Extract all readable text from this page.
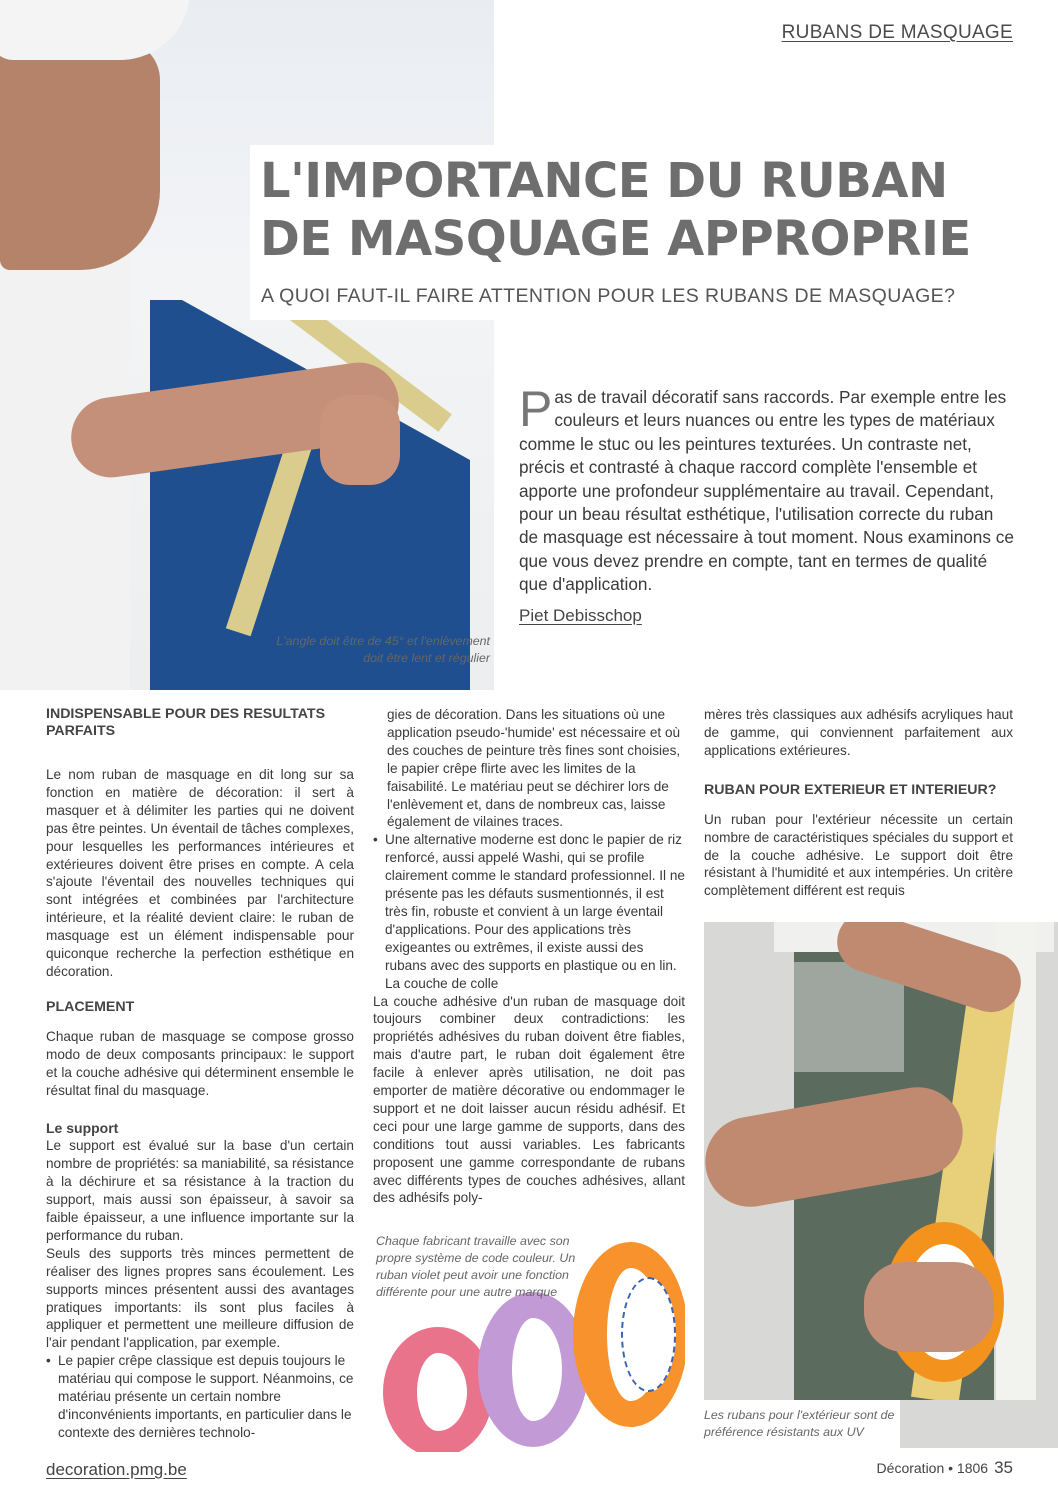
RUBANS DE MASQUAGE
L'IMPORTANCE DU RUBAN
DE MASQUAGE APPROPRIE
A QUOI FAUT-IL FAIRE ATTENTION POUR LES RUBANS DE MASQUAGE?
Pas de travail décoratif sans raccords. Par exemple entre les couleurs et leurs nuances ou entre les types de matériaux comme le stuc ou les peintures texturées. Un contraste net, précis et contrasté à chaque raccord complète l'ensemble et apporte une profondeur supplémentaire au travail. Cependant, pour un beau résultat esthétique, l'utilisation correcte du ruban de masquage est nécessaire à tout moment. Nous examinons ce que vous devez prendre en compte, tant en termes de qualité que d'application.
Piet Debisschop
L'angle doit être de 45° et l'enlèvement doit être lent et régulier
INDISPENSABLE POUR DES RESULTATS PARFAITS

Le nom ruban de masquage en dit long sur sa fonction en matière de décoration: il sert à masquer et à délimiter les parties qui ne doivent pas être peintes. Un éventail de tâches complexes, pour lesquelles les performances intérieures et extérieures doivent être prises en compte. A cela s'ajoute l'éventail des nouvelles techniques qui sont intégrées et combinées par l'architecture intérieure, et la réalité devient claire: le ruban de masquage est un élément indispensable pour quiconque recherche la perfection esthétique en décoration.

PLACEMENT

Chaque ruban de masquage se compose grosso modo de deux composants principaux: le support et la couche adhésive qui déterminent ensemble le résultat final du masquage.

Le support

Le support est évalué sur la base d'un certain nombre de propriétés: sa maniabilité, sa résistance à la déchirure et sa résistance à la traction du support, mais aussi son épaisseur, à savoir sa faible épaisseur, a une influence importante sur la performance du ruban.

Seuls des supports très minces permettent de réaliser des lignes propres sans écoulement. Les supports minces présentent aussi des avantages pratiques importants: ils sont plus faciles à appliquer et permettent une meilleure diffusion de l'air pendant l'application, par exemple.

• Le papier crêpe classique est depuis toujours le matériau qui compose le support. Néanmoins, ce matériau présente un certain nombre d'inconvénients importants, en particulier dans le contexte des dernières technolo-

gies de décoration. Dans les situations où une application pseudo-'humide' est nécessaire et où des couches de peinture très fines sont choisies, le papier crêpe flirte avec les limites de la faisabilité. Le matériau peut se déchirer lors de l'enlèvement et, dans de nombreux cas, laisse également de vilaines traces.

• Une alternative moderne est donc le papier de riz renforcé, aussi appelé Washi, qui se profile clairement comme le standard professionnel. Il ne présente pas les défauts susmentionnés, il est très fin, robuste et convient à un large éventail d'applications. Pour des applications très exigeantes ou extrêmes, il existe aussi des rubans avec des supports en plastique ou en lin. La couche de colle

La couche adhésive d'un ruban de masquage doit toujours combiner deux contradictions: les propriétés adhésives du ruban doivent être fiables, mais d'autre part, le ruban doit également être facile à enlever après utilisation, ne doit pas emporter de matière décorative ou endommager le support et ne doit laisser aucun résidu adhésif. Et ceci pour une large gamme de supports, dans des conditions tout aussi variables. Les fabricants proposent une gamme correspondante de rubans avec différents types de couches adhésives, allant des adhésifs poly-

Chaque fabricant travaille avec son propre système de code couleur. Un ruban violet peut avoir une fonction différente pour une autre marque

mères très classiques aux adhésifs acryliques haut de gamme, qui conviennent parfaitement aux applications extérieures.

RUBAN POUR EXTERIEUR ET INTERIEUR?

Un ruban pour l'extérieur nécessite un certain nombre de caractéristiques spéciales du support et de la couche adhésive. Le support doit être résistant à l'humidité et aux intempéries. Un critère complètement différent est requis

Les rubans pour l'extérieur sont de préférence résistants aux UV
decoration.pmg.be	Décoration • 1806 35
